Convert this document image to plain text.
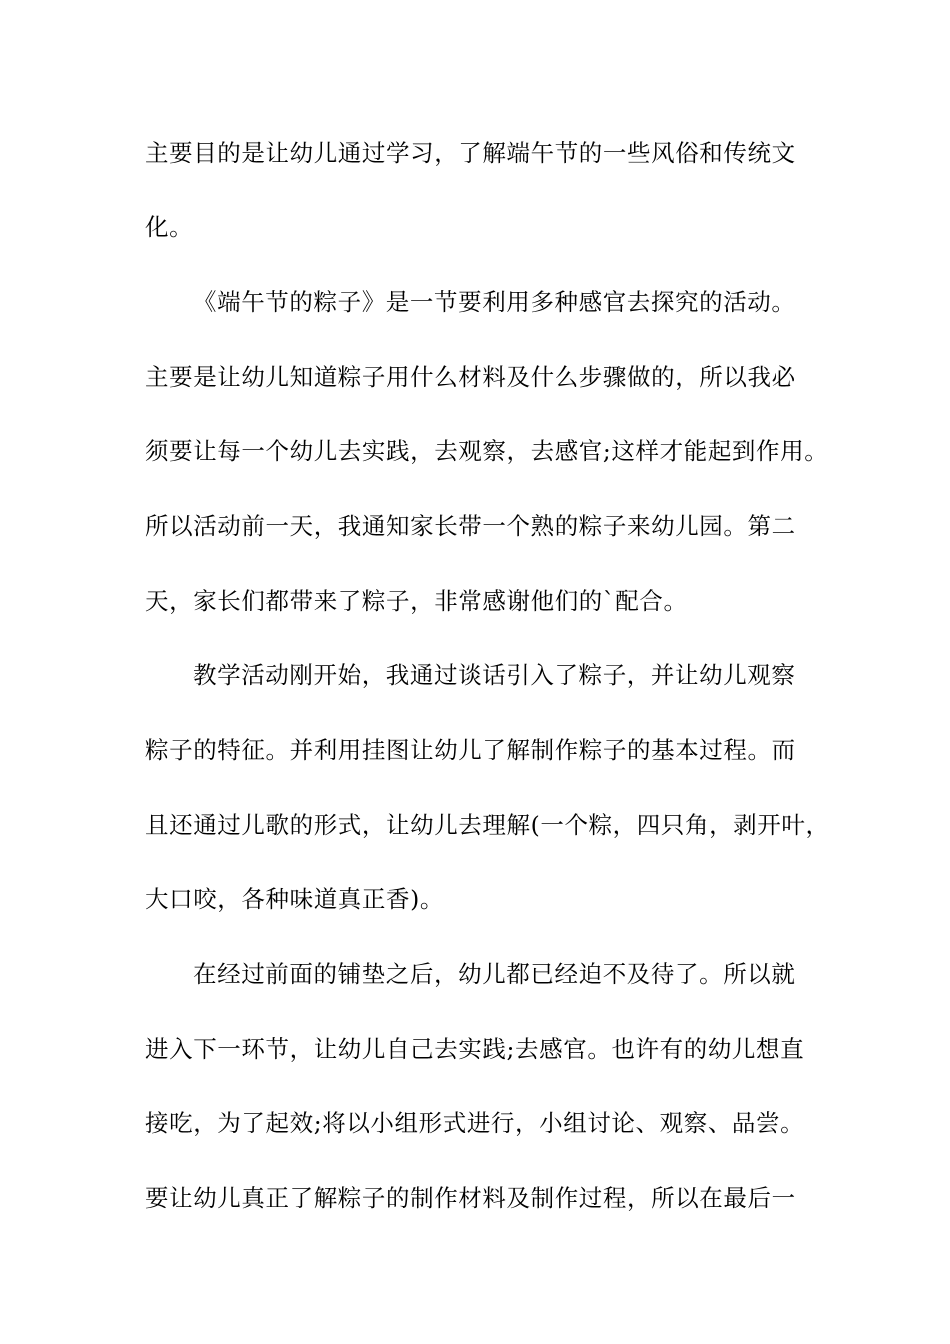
主要目的是让幼儿通过学习，了解端午节的一些风俗和传统文
化。
《端午节的粽子》是一节要利用多种感官去探究的活动。
主要是让幼儿知道粽子用什么材料及什么步骤做的，所以我必
须要让每一个幼儿去实践，去观察，去感官;这样才能起到作用。
所以活动前一天，我通知家长带一个熟的粽子来幼儿园。第二
天，家长们都带来了粽子，非常感谢他们的`配合。
教学活动刚开始，我通过谈话引入了粽子，并让幼儿观察
粽子的特征。并利用挂图让幼儿了解制作粽子的基本过程。而
且还通过儿歌的形式，让幼儿去理解(一个粽，四只角，剥开叶，
大口咬，各种味道真正香)。
在经过前面的铺垫之后，幼儿都已经迫不及待了。所以就
进入下一环节，让幼儿自己去实践;去感官。也许有的幼儿想直
接吃，为了起效;将以小组形式进行，小组讨论、观察、品尝。
要让幼儿真正了解粽子的制作材料及制作过程，所以在最后一
